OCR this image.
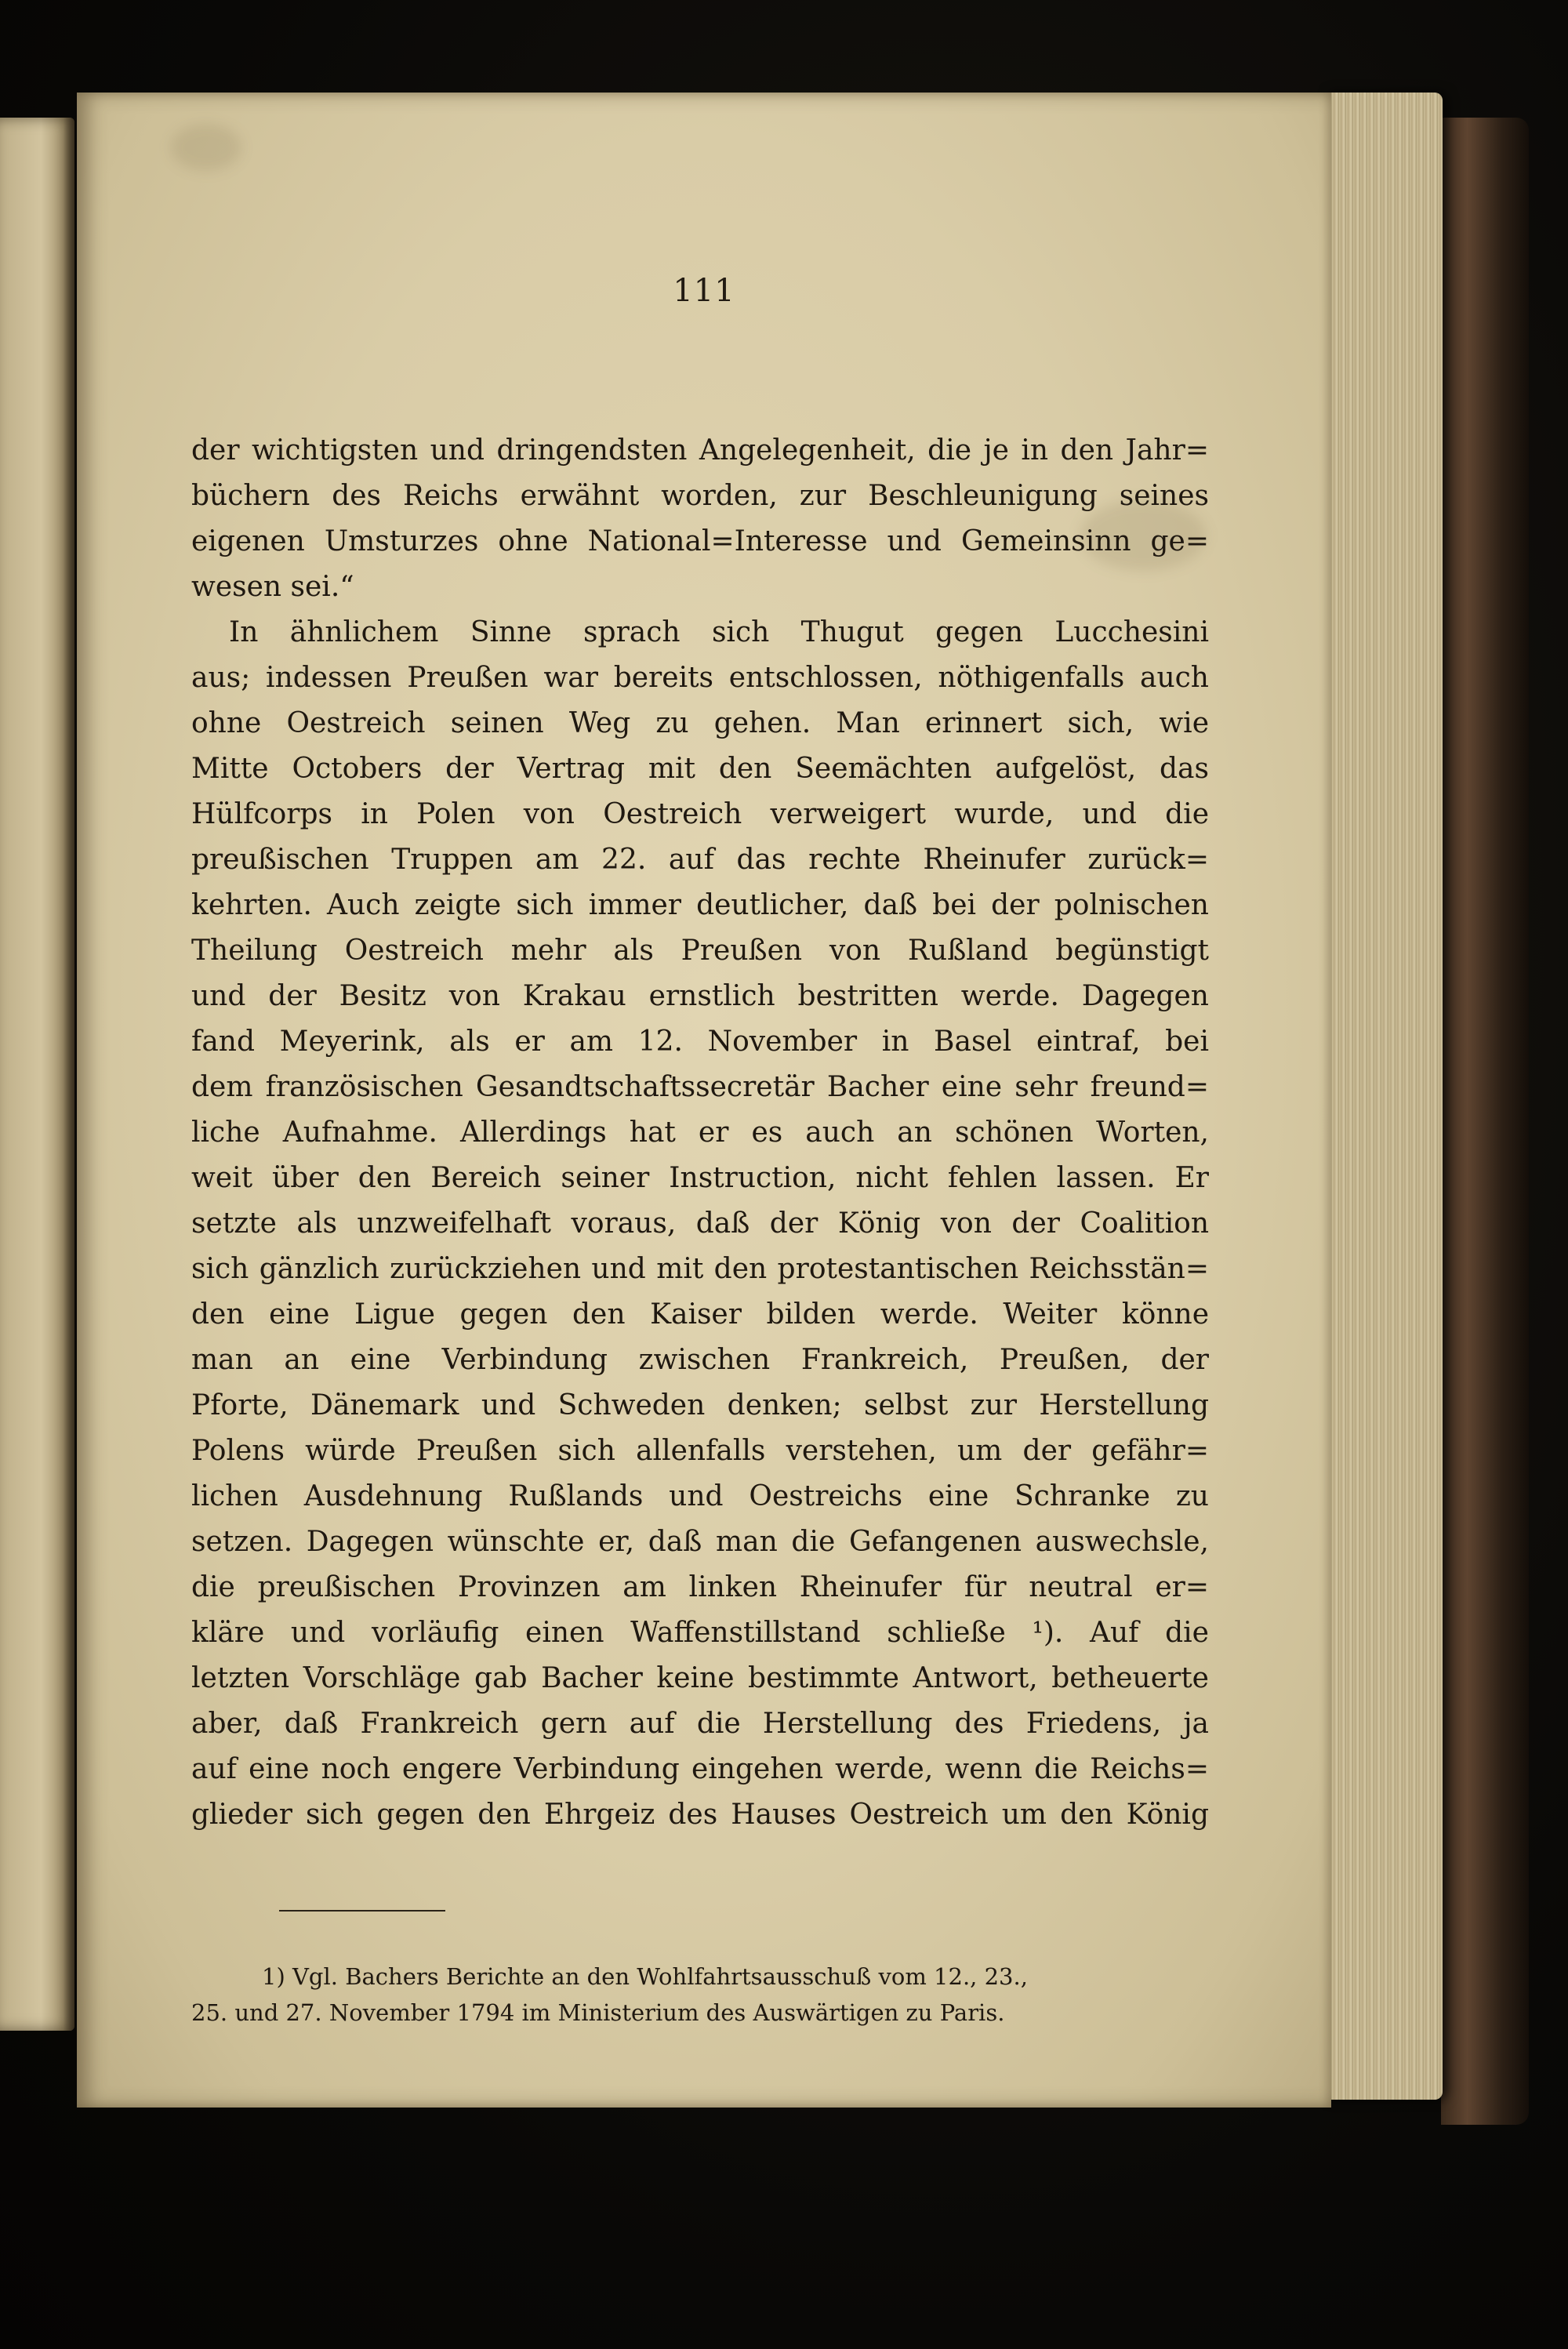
111
der wichtigsten und dringendsten Angelegenheit, die je in den Jahr=
büchern des Reichs erwähnt worden, zur Beschleunigung seines
eigenen Umsturzes ohne National=Interesse und Gemeinsinn ge=
wesen sei.“
In ähnlichem Sinne sprach sich Thugut gegen Lucchesini
aus; indessen Preußen war bereits entschlossen, nöthigenfalls auch
ohne Oestreich seinen Weg zu gehen. Man erinnert sich, wie
Mitte Octobers der Vertrag mit den Seemächten aufgelöst, das
Hülfcorps in Polen von Oestreich verweigert wurde, und die
preußischen Truppen am 22. auf das rechte Rheinufer zurück=
kehrten. Auch zeigte sich immer deutlicher, daß bei der polnischen
Theilung Oestreich mehr als Preußen von Rußland begünstigt
und der Besitz von Krakau ernstlich bestritten werde. Dagegen
fand Meyerink, als er am 12. November in Basel eintraf, bei
dem französischen Gesandtschaftssecretär Bacher eine sehr freund=
liche Aufnahme. Allerdings hat er es auch an schönen Worten,
weit über den Bereich seiner Instruction, nicht fehlen lassen. Er
setzte als unzweifelhaft voraus, daß der König von der Coalition
sich gänzlich zurückziehen und mit den protestantischen Reichsstän=
den eine Ligue gegen den Kaiser bilden werde. Weiter könne
man an eine Verbindung zwischen Frankreich, Preußen, der
Pforte, Dänemark und Schweden denken; selbst zur Herstellung
Polens würde Preußen sich allenfalls verstehen, um der gefähr=
lichen Ausdehnung Rußlands und Oestreichs eine Schranke zu
setzen. Dagegen wünschte er, daß man die Gefangenen auswechsle,
die preußischen Provinzen am linken Rheinufer für neutral er=
kläre und vorläufig einen Waffenstillstand schließe ¹). Auf die
letzten Vorschläge gab Bacher keine bestimmte Antwort, betheuerte
aber, daß Frankreich gern auf die Herstellung des Friedens, ja
auf eine noch engere Verbindung eingehen werde, wenn die Reichs=
glieder sich gegen den Ehrgeiz des Hauses Oestreich um den König
1) Vgl. Bachers Berichte an den Wohlfahrtsausschuß vom 12., 23.,
25. und 27. November 1794 im Ministerium des Auswärtigen zu Paris.
